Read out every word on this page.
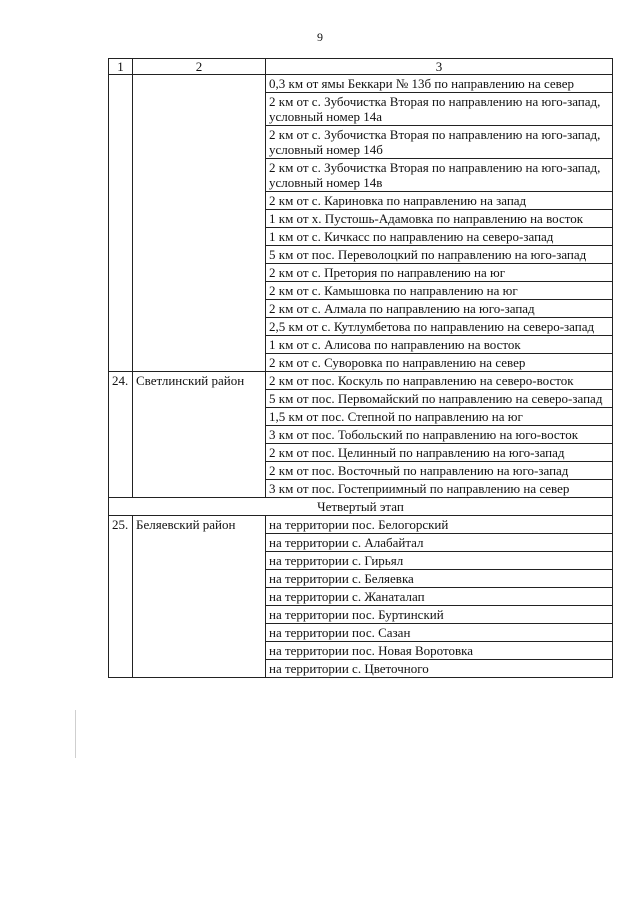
9
1	2	3
		0,3 км от ямы Беккари № 13б по направлению на север
		2 км от с. Зубочистка Вторая по направлению на юго-запад, условный номер 14а
		2 км от с. Зубочистка Вторая по направлению на юго-запад, условный номер 14б
		2 км от с. Зубочистка Вторая по направлению на юго-запад, условный номер 14в
		2 км от с. Кариновка по направлению на запад
		1 км от х. Пустошь-Адамовка по направлению на восток
		1 км от с. Кичкасс по направлению на северо-запад
		5 км от пос. Переволоцкий по направлению на юго-запад
		2 км от с. Претория по направлению на юг
		2 км от с. Камышовка по направлению на юг
		2 км от с. Алмала по направлению на юго-запад
		2,5 км от с. Кутлумбетова по направлению на северо-запад
		1 км от с. Алисова по направлению на восток
		2 км от с. Суворовка по направлению на север
24.	Светлинский район	2 км от пос. Коскуль по направлению на северо-восток
		5 км от пос. Первомайский по направлению на северо-запад
		1,5 км от пос. Степной по направлению на юг
		3 км от пос. Тобольский по направлению на юго-восток
		2 км от пос. Целинный по направлению на юго-запад
		2 км от пос. Восточный по направлению на юго-запад
		3 км от пос. Гостеприимный по направлению на север
Четвертый этап		
25.	Беляевский район	на территории пос. Белогорский
		на территории с. Алабайтал
		на территории с. Гирьял
		на территории с. Беляевка
		на территории с. Жанаталап
		на территории пос. Буртинский
		на территории пос. Сазан
		на территории пос. Новая Воротовка
		на территории с. Цветочного
